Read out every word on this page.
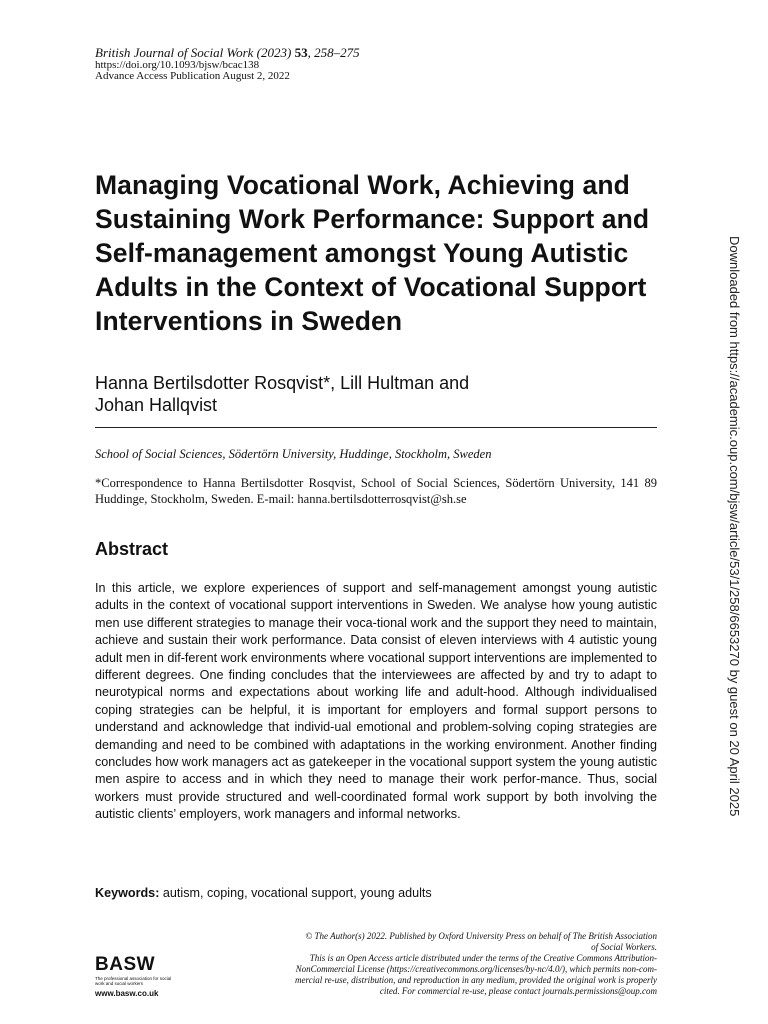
British Journal of Social Work (2023) 53, 258–275
https://doi.org/10.1093/bjsw/bcac138
Advance Access Publication August 2, 2022
Managing Vocational Work, Achieving and Sustaining Work Performance: Support and Self-management amongst Young Autistic Adults in the Context of Vocational Support Interventions in Sweden
Hanna Bertilsdotter Rosqvist*, Lill Hultman and
Johan Hallqvist
School of Social Sciences, Södertörn University, Huddinge, Stockholm, Sweden
*Correspondence to Hanna Bertilsdotter Rosqvist, School of Social Sciences, Södertörn University, 141 89 Huddinge, Stockholm, Sweden. E-mail: hanna.bertilsdotterrosqvist@sh.se
Abstract

In this article, we explore experiences of support and self-management amongst young autistic adults in the context of vocational support interventions in Sweden. We analyse how young autistic men use different strategies to manage their voca-tional work and the support they need to maintain, achieve and sustain their work performance. Data consist of eleven interviews with 4 autistic young adult men in dif-ferent work environments where vocational support interventions are implemented to different degrees. One finding concludes that the interviewees are affected by and try to adapt to neurotypical norms and expectations about working life and adult-hood. Although individualised coping strategies can be helpful, it is important for employers and formal support persons to understand and acknowledge that individ-ual emotional and problem-solving coping strategies are demanding and need to be combined with adaptations in the working environment. Another finding concludes how work managers act as gatekeeper in the vocational support system the young autistic men aspire to access and in which they need to manage their work perfor-mance. Thus, social workers must provide structured and well-coordinated formal work support by both involving the autistic clients’ employers, work managers and informal networks.

Keywords: autism, coping, vocational support, young adults
BASW
The professional association for social work and social workers
www.basw.co.uk
© The Author(s) 2022. Published by Oxford University Press on behalf of The British Association
of Social Workers.
This is an Open Access article distributed under the terms of the Creative Commons Attribution-
NonCommercial License (https://creativecommons.org/licenses/by-nc/4.0/), which permits non-com-
mercial re-use, distribution, and reproduction in any medium, provided the original work is properly
cited. For commercial re-use, please contact journals.permissions@oup.com
Downloaded from https://academic.oup.com/bjsw/article/53/1/258/6653270 by guest on 20 April 2025
